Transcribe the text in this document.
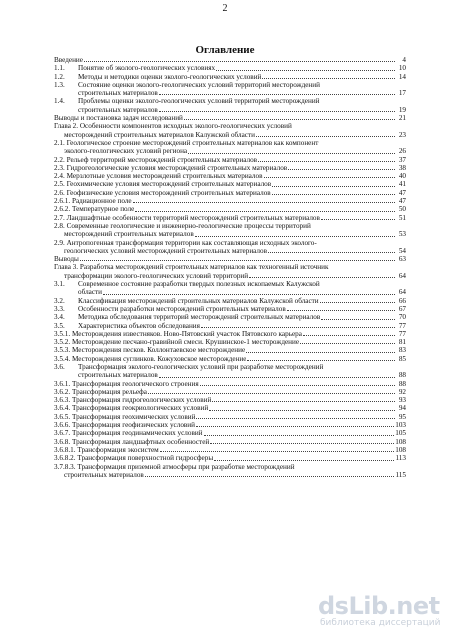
2
Оглавление
Введение	4
1.1.	Понятие об эколого-геологических условиях	10
1.2.	Методы и методики оценки эколого-геологических условий	14
1.3.	Состояние оценки эколого-геологических условий территорий месторождений
строительных материалов	17
1.4.	Проблемы оценки эколого-геологических условий территорий месторождений
строительных материалов	19
Выводы и постановка задач исследований	21
Глава 2. Особенности компонентов исходных эколого-геологических условий
месторождений строительных материалов Калужской области	23
2.1. Геологическое строение месторождений строительных материалов как компонент
эколого-геологических условий региона	26
2.2. Рельеф территорий месторождений строительных материалов	37
2.3. Гидрогеологические условия месторождений строительных материалов	38
2.4. Мерзлотные условия месторождений строительных материалов	40
2.5. Геохимические условия месторождений строительных материалов	41
2.6. Геофизические условия месторождений строительных материалов	47
2.6.1. Радиационное поле	47
2.6.2. Температурное поле	50
2.7. Ландшафтные особенности территорий месторождений строительных материалов	51
2.8. Современные геологические и инженерно-геологические процессы территорий
месторождений строительных материалов	53
2.9. Антропогенная трансформация территории как составляющая исходных эколого-
геологических условий месторождений строительных материалов	54
Выводы	63
Глава 3. Разработка месторождений строительных материалов как техногенный источник
трансформации эколого-геологических условий территорий	64
3.1.	Современное состояние разработки твердых полезных ископаемых Калужской
области	64
3.2.	Классификация месторождений строительных материалов Калужской области	66
3.3.	Особенности разработки месторождений строительных материалов	67
3.4.	Методика обследования территорий месторождений строительных материалов	70
3.5.	Характеристика объектов обследования	77
3.5.1. Месторождения известняков. Ново-Пятовский участок Пятовского карьера	77
3.5.2. Месторождение песчано-гравийной смеси. Крушинское-1 месторождение	81
3.5.3. Месторождения песков. Коллонтаевское месторождение	83
3.5.4. Месторождения суглинков. Кожуховское месторождение	85
3.6.	Трансформация эколого-геологических условий при разработке месторождений
строительных материалов	88
3.6.1. Трансформация геологического строения	88
3.6.2. Трансформация рельефа	92
3.6.3. Трансформация гидрогеологических условий	93
3.6.4. Трансформация геокриологических условий	94
3.6.5. Трансформация геохимических условий	95
3.6.6. Трансформация геофизических условий	103
3.6.7. Трансформация геодинамических условий	105
3.6.8. Трансформация ландшафтных особенностей	108
3.6.8.1. Трансформация экосистем	108
3.6.8.2. Трансформация поверхностной гидросферы	113
3.7.8.3. Трансформация приземной атмосферы при разработке месторождений
строительных материалов	115
dsLib.net
библиотека диссертаций
